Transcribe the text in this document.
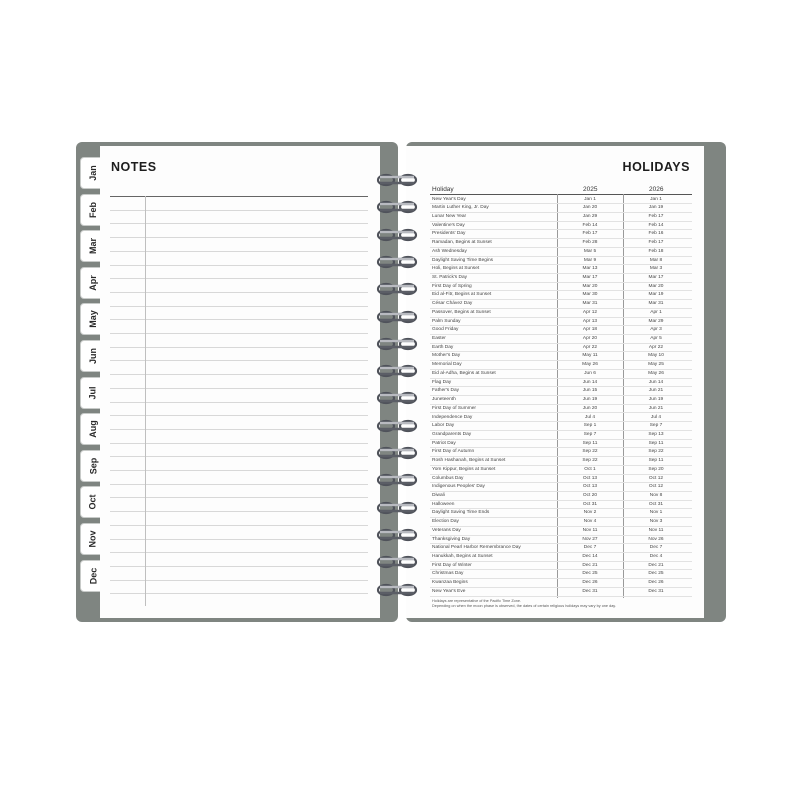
Jan
Feb
Mar
Apr
May
Jun
Jul
Aug
Sep
Oct
Nov
Dec
NOTES	HOLIDAYS
Holiday	2025	2026
New Year's Day	Jan 1	Jan 1
Martin Luther King, Jr. Day	Jan 20	Jan 19
Lunar New Year	Jan 29	Feb 17
Valentine's Day	Feb 14	Feb 14
Presidents' Day	Feb 17	Feb 16
Ramadan, Begins at Sunset	Feb 28	Feb 17
Ash Wednesday	Mar 5	Feb 18
Daylight Saving Time Begins	Mar 9	Mar 8
Holi, Begins at Sunset	Mar 13	Mar 3
St. Patrick's Day	Mar 17	Mar 17
First Day of Spring	Mar 20	Mar 20
Eid al-Fitr, Begins at Sunset	Mar 30	Mar 19
César Chávez Day	Mar 31	Mar 31
Passover, Begins at Sunset	Apr 12	Apr 1
Palm Sunday	Apr 13	Mar 29
Good Friday	Apr 18	Apr 3
Easter	Apr 20	Apr 5
Earth Day	Apr 22	Apr 22
Mother's Day	May 11	May 10
Memorial Day	May 26	May 25
Eid al-Adha, Begins at Sunset	Jun 6	May 26
Flag Day	Jun 14	Jun 14
Father's Day	Jun 15	Jun 21
Juneteenth	Jun 19	Jun 19
First Day of Summer	Jun 20	Jun 21
Independence Day	Jul 4	Jul 4
Labor Day	Sep 1	Sep 7
Grandparents Day	Sep 7	Sep 13
Patriot Day	Sep 11	Sep 11
First Day of Autumn	Sep 22	Sep 22
Rosh Hashanah, Begins at Sunset	Sep 22	Sep 11
Yom Kippur, Begins at Sunset	Oct 1	Sep 20
Columbus Day	Oct 13	Oct 12
Indigenous Peoples' Day	Oct 13	Oct 12
Diwali	Oct 20	Nov 8
Halloween	Oct 31	Oct 31
Daylight Saving Time Ends	Nov 2	Nov 1
Election Day	Nov 4	Nov 3
Veterans Day	Nov 11	Nov 11
Thanksgiving Day	Nov 27	Nov 26
National Pearl Harbor Remembrance Day	Dec 7	Dec 7
Hanukkah, Begins at Sunset	Dec 14	Dec 4
First Day of Winter	Dec 21	Dec 21
Christmas Day	Dec 25	Dec 25
Kwanzaa Begins	Dec 26	Dec 26
New Year's Eve	Dec 31	Dec 31
Holidays are representative of the Pacific Time Zone.
Depending on when the moon phase is observed, the dates of certain religious holidays may vary by one day.
